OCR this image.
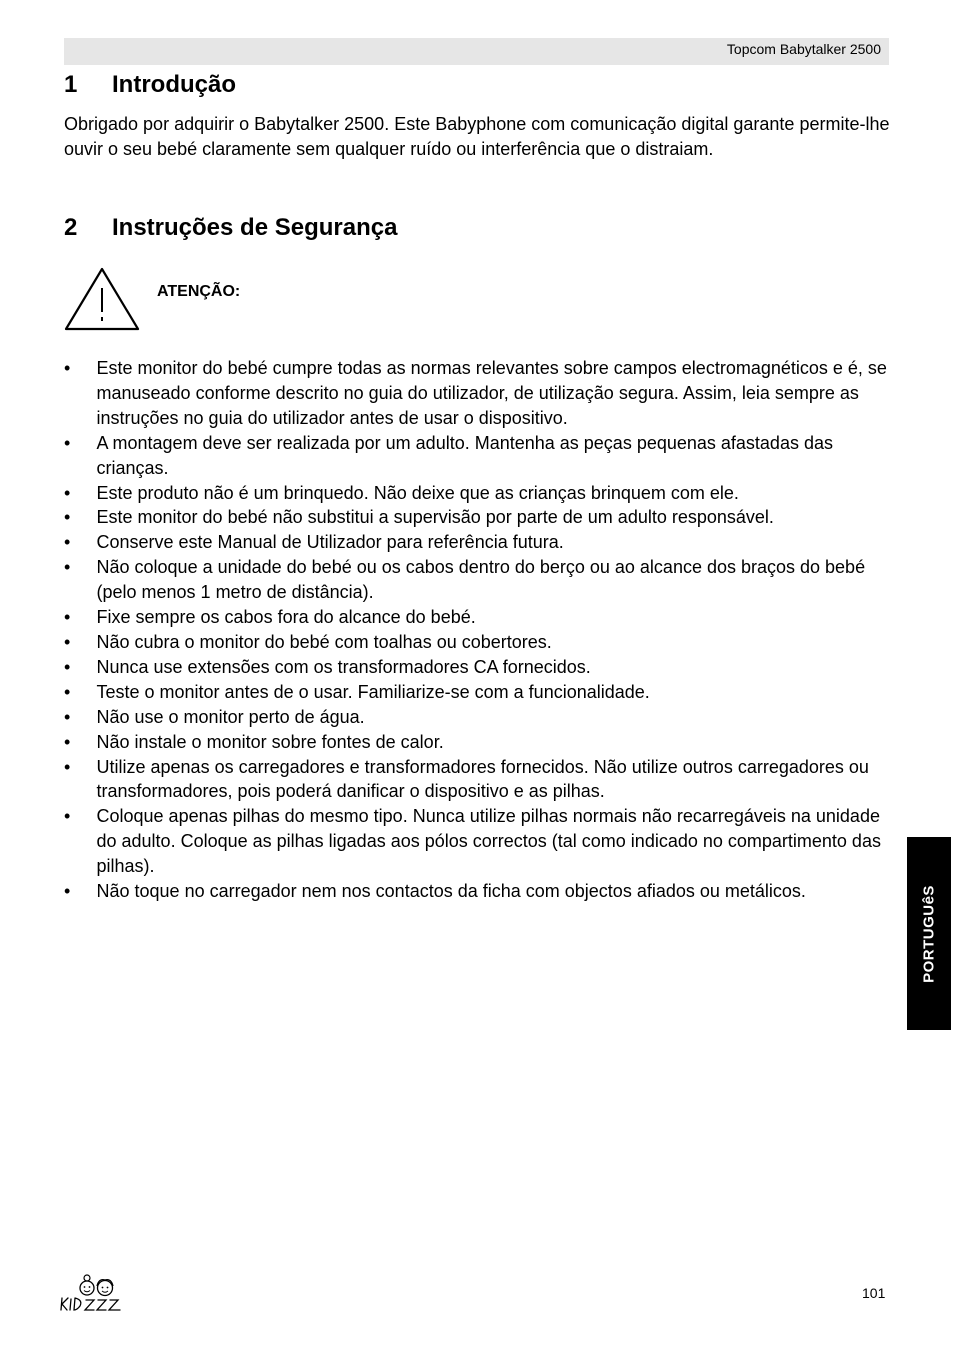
Topcom Babytalker 2500
1 Introdução

Obrigado por adquirir o Babytalker 2500. Este Babyphone com comunicação digital garante permite-lhe ouvir o seu bebé claramente sem qualquer ruído ou interferência que o distraiam.

2 Instruções de Segurança
ATENÇÃO:
• Este monitor do bebé cumpre todas as normas relevantes sobre campos electromagnéticos e é, se manuseado conforme descrito no guia do utilizador, de utilização segura. Assim, leia sempre as instruções no guia do utilizador antes de usar o dispositivo.
• A montagem deve ser realizada por um adulto. Mantenha as peças pequenas afastadas das crianças.
• Este produto não é um brinquedo. Não deixe que as crianças brinquem com ele.
• Este monitor do bebé não substitui a supervisão por parte de um adulto responsável.
• Conserve este Manual de Utilizador para referência futura.
• Não coloque a unidade do bebé ou os cabos dentro do berço ou ao alcance dos braços do bebé (pelo menos 1 metro de distância).
• Fixe sempre os cabos fora do alcance do bebé.
• Não cubra o monitor do bebé com toalhas ou cobertores.
• Nunca use extensões com os transformadores CA fornecidos.
• Teste o monitor antes de o usar. Familiarize-se com a funcionalidade.
• Não use o monitor perto de água.
• Não instale o monitor sobre fontes de calor.
• Utilize apenas os carregadores e transformadores fornecidos. Não utilize outros carregadores ou transformadores, pois poderá danificar o dispositivo e as pilhas.
• Coloque apenas pilhas do mesmo tipo. Nunca utilize pilhas normais não recarregáveis na unidade do adulto. Coloque as pilhas ligadas aos pólos correctos (tal como indicado no compartimento das pilhas).
• Não toque no carregador nem nos contactos da ficha com objectos afiados ou metálicos.	PORTUGUêS
101
